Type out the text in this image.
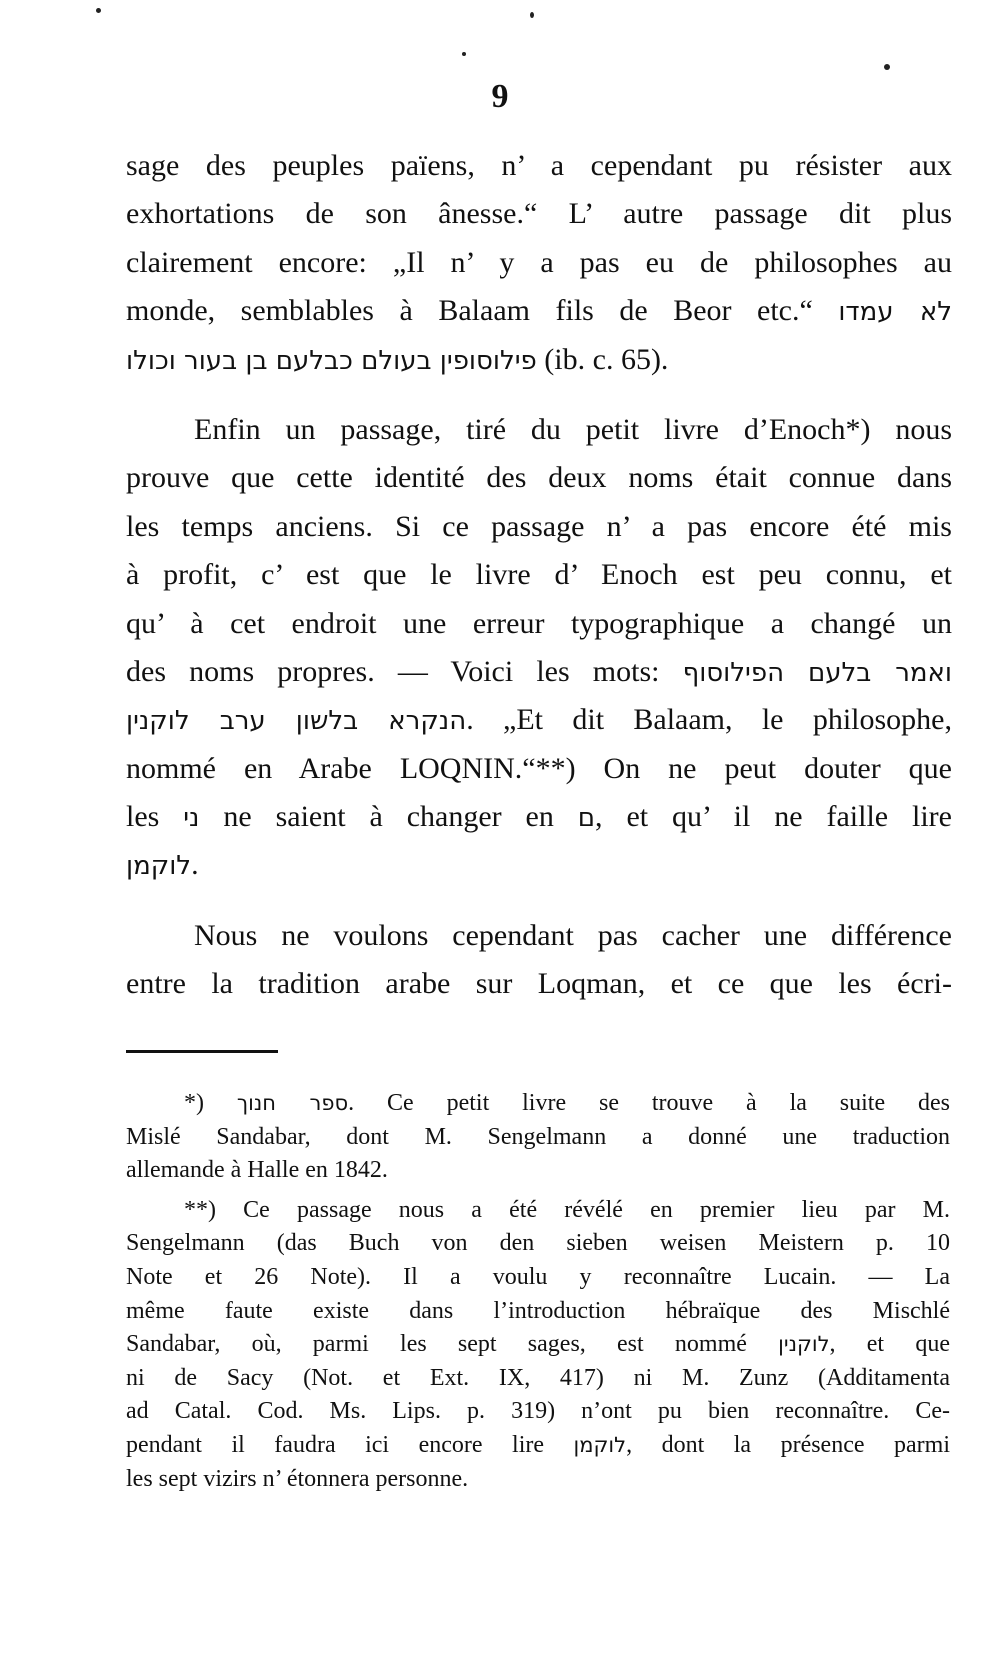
9
sage des peuples païens, n’ a cependant pu résister aux
exhortations de son ânesse.“ L’ autre passage dit plus
clairement encore: „Il n’ y a pas eu de philosophes au
monde, semblables à Balaam fils de Beor etc.“ לא עמדו
פילוסופין בעולם כבלעם בן בעור וכולו (ib. c. 65).
Enfin un passage, tiré du petit livre d’Enoch*) nous
prouve que cette identité des deux noms était connue dans
les temps anciens. Si ce passage n’ a pas encore été mis
à profit, c’ est que le livre d’ Enoch est peu connu, et
qu’ à cet endroit une erreur typographique a changé un
des noms propres. — Voici les mots: ואמר בלעם הפילוסוף
הנקרא בלשון ערב לוקנין. „Et dit Balaam, le philosophe,
nommé en Arabe LOQNIN.“**) On ne peut douter que
les ני ne saient à changer en ם, et qu’ il ne faille lire
לוקמן.
Nous ne voulons cependant pas cacher une différence
entre la tradition arabe sur Loqman, et ce que les écri-
*) ספר חנוך. Ce petit livre se trouve à la suite des
Mislé Sandabar, dont M. Sengelmann a donné une traduction
allemande à Halle en 1842.
**) Ce passage nous a été révélé en premier lieu par M.
Sengelmann (das Buch von den sieben weisen Meistern p. 10
Note et 26 Note). Il a voulu y reconnaître Lucain. — La
même faute existe dans l’introduction hébraïque des Mischlé
Sandabar, où, parmi les sept sages, est nommé לוקנין, et que
ni de Sacy (Not. et Ext. IX, 417) ni M. Zunz (Additamenta
ad Catal. Cod. Ms. Lips. p. 319) n’ont pu bien reconnaître. Ce-
pendant il faudra ici encore lire לוקמן, dont la présence parmi
les sept vizirs n’ étonnera personne.
